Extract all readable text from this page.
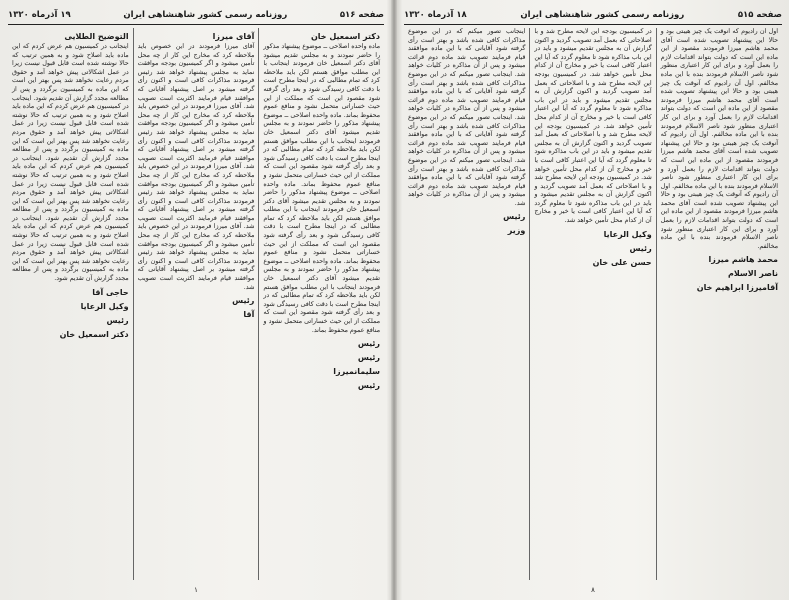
صفحه ۵۱۶
روزنامه رسمی کشور شاهنشاهی ایران
۱۹ آذرماه ۱۳۲۰
دکتر اسمعیل خان

ماده واحده اصلاحی ــ موضوع پیشنهاد مذکور را حاضر نمودند و به مجلس تقدیم میشود آقای دکتر اسمعیل خان فرمودند اینجانب با این مطلب موافق هستم لکن باید ملاحظه کرد که تمام مطالبی که در اینجا مطرح است با دقت کافی رسیدگی شود و بعد رأی گرفته شود مقصود این است که مملکت از این حیث خساراتی متحمل نشود و منافع عموم محفوظ بماند. ماده واحده اصلاحی ــ موضوع پیشنهاد مذکور را حاضر نمودند و به مجلس تقدیم میشود آقای دکتر اسمعیل خان فرمودند اینجانب با این مطلب موافق هستم لکن باید ملاحظه کرد که تمام مطالبی که در اینجا مطرح است با دقت کافی رسیدگی شود و بعد رأی گرفته شود مقصود این است که مملکت از این حیث خساراتی متحمل نشود و منافع عموم محفوظ بماند. ماده واحده اصلاحی ــ موضوع پیشنهاد مذکور را حاضر نمودند و به مجلس تقدیم میشود آقای دکتر اسمعیل خان فرمودند اینجانب با این مطلب موافق هستم لکن باید ملاحظه کرد که تمام مطالبی که در اینجا مطرح است با دقت کافی رسیدگی شود و بعد رأی گرفته شود مقصود این است که مملکت از این حیث خساراتی متحمل نشود و منافع عموم محفوظ بماند. ماده واحده اصلاحی ــ موضوع پیشنهاد مذکور را حاضر نمودند و به مجلس تقدیم میشود آقای دکتر اسمعیل خان فرمودند اینجانب با این مطلب موافق هستم لکن باید ملاحظه کرد که تمام مطالبی که در اینجا مطرح است با دقت کافی رسیدگی شود و بعد رأی گرفته شود مقصود این است که مملکت از این حیث خساراتی متحمل نشود و منافع عموم محفوظ بماند.

رئیس
رئیس
سلیمانمیرزا
رئیس
آقای میرزا

آقای میرزا فرمودند در این خصوص باید ملاحظه کرد که مخارج این کار از چه محل تأمین میشود و اگر کمیسیون بودجه موافقت نماید به مجلس پیشنهاد خواهد شد رئیس فرمودند مذاکرات کافی است و اکنون رأی گرفته میشود بر اصل پیشنهاد آقایانی که موافقند قیام فرمایند اکثریت است تصویب شد. آقای میرزا فرمودند در این خصوص باید ملاحظه کرد که مخارج این کار از چه محل تأمین میشود و اگر کمیسیون بودجه موافقت نماید به مجلس پیشنهاد خواهد شد رئیس فرمودند مذاکرات کافی است و اکنون رأی گرفته میشود بر اصل پیشنهاد آقایانی که موافقند قیام فرمایند اکثریت است تصویب شد. آقای میرزا فرمودند در این خصوص باید ملاحظه کرد که مخارج این کار از چه محل تأمین میشود و اگر کمیسیون بودجه موافقت نماید به مجلس پیشنهاد خواهد شد رئیس فرمودند مذاکرات کافی است و اکنون رأی گرفته میشود بر اصل پیشنهاد آقایانی که موافقند قیام فرمایند اکثریت است تصویب شد. آقای میرزا فرمودند در این خصوص باید ملاحظه کرد که مخارج این کار از چه محل تأمین میشود و اگر کمیسیون بودجه موافقت نماید به مجلس پیشنهاد خواهد شد رئیس فرمودند مذاکرات کافی است و اکنون رأی گرفته میشود بر اصل پیشنهاد آقایانی که موافقند قیام فرمایند اکثریت است تصویب شد.

رئیس
آقا
التوضیح الطلایی

اینجانب در کمیسیون هم عرض کردم که این ماده باید اصلاح شود و به همین ترتیب که حالا نوشته شده است قابل قبول نیست زیرا در عمل اشکالاتی پیش خواهد آمد و حقوق مردم رعایت نخواهد شد پس بهتر این است که این ماده به کمیسیون برگردد و پس از مطالعه مجدد گزارش آن تقدیم شود. اینجانب در کمیسیون هم عرض کردم که این ماده باید اصلاح شود و به همین ترتیب که حالا نوشته شده است قابل قبول نیست زیرا در عمل اشکالاتی پیش خواهد آمد و حقوق مردم رعایت نخواهد شد پس بهتر این است که این ماده به کمیسیون برگردد و پس از مطالعه مجدد گزارش آن تقدیم شود. اینجانب در کمیسیون هم عرض کردم که این ماده باید اصلاح شود و به همین ترتیب که حالا نوشته شده است قابل قبول نیست زیرا در عمل اشکالاتی پیش خواهد آمد و حقوق مردم رعایت نخواهد شد پس بهتر این است که این ماده به کمیسیون برگردد و پس از مطالعه مجدد گزارش آن تقدیم شود. اینجانب در کمیسیون هم عرض کردم که این ماده باید اصلاح شود و به همین ترتیب که حالا نوشته شده است قابل قبول نیست زیرا در عمل اشکالاتی پیش خواهد آمد و حقوق مردم رعایت نخواهد شد پس بهتر این است که این ماده به کمیسیون برگردد و پس از مطالعه مجدد گزارش آن تقدیم شود.

حاجی آقا
وکیل الرعایا
رئیس
دکتر اسمعیل خان
۱
صفحه ۵۱۵
روزنامه رسمی کشور شاهنشاهی ایران
۱۸ آذرماه ۱۳۲۰

اول آن رادیوم که آنوقت یک چیز هیبتی بود و حالا این پیشنهاد تصویب شده است آقای محمد هاشم میرزا فرمودند مقصود از این ماده این است که دولت بتواند اقدامات لازم را بعمل آورد و برای این کار اعتباری منظور شود ناصر الاسلام فرمودند بنده با این ماده مخالفم. اول آن رادیوم که آنوقت یک چیز هیبتی بود و حالا این پیشنهاد تصویب شده است آقای محمد هاشم میرزا فرمودند مقصود از این ماده این است که دولت بتواند اقدامات لازم را بعمل آورد و برای این کار اعتباری منظور شود ناصر الاسلام فرمودند بنده با این ماده مخالفم. اول آن رادیوم که آنوقت یک چیز هیبتی بود و حالا این پیشنهاد تصویب شده است آقای محمد هاشم میرزا فرمودند مقصود از این ماده این است که دولت بتواند اقدامات لازم را بعمل آورد و برای این کار اعتباری منظور شود ناصر الاسلام فرمودند بنده با این ماده مخالفم. اول آن رادیوم که آنوقت یک چیز هیبتی بود و حالا این پیشنهاد تصویب شده است آقای محمد هاشم میرزا فرمودند مقصود از این ماده این است که دولت بتواند اقدامات لازم را بعمل آورد و برای این کار اعتباری منظور شود ناصر الاسلام فرمودند بنده با این ماده مخالفم.

محمد هاشم میرزا
ناصر الاسلام
آقامیرزا ابراهیم خان

در کمیسیون بودجه این لایحه مطرح شد و با اصلاحاتی که بعمل آمد تصویب گردید و اکنون گزارش آن به مجلس تقدیم میشود و باید در این باب مذاکره شود تا معلوم گردد که آیا این اعتبار کافی است یا خیر و مخارج آن از کدام محل تأمین خواهد شد. در کمیسیون بودجه این لایحه مطرح شد و با اصلاحاتی که بعمل آمد تصویب گردید و اکنون گزارش آن به مجلس تقدیم میشود و باید در این باب مذاکره شود تا معلوم گردد که آیا این اعتبار کافی است یا خیر و مخارج آن از کدام محل تأمین خواهد شد. در کمیسیون بودجه این لایحه مطرح شد و با اصلاحاتی که بعمل آمد تصویب گردید و اکنون گزارش آن به مجلس تقدیم میشود و باید در این باب مذاکره شود تا معلوم گردد که آیا این اعتبار کافی است یا خیر و مخارج آن از کدام محل تأمین خواهد شد. در کمیسیون بودجه این لایحه مطرح شد و با اصلاحاتی که بعمل آمد تصویب گردید و اکنون گزارش آن به مجلس تقدیم میشود و باید در این باب مذاکره شود تا معلوم گردد که آیا این اعتبار کافی است یا خیر و مخارج آن از کدام محل تأمین خواهد شد.

وکیل الرعایا
رئیس
حسن علی خان

اینجانب تصور میکنم که در این موضوع مذاکرات کافی شده باشد و بهتر است رأی گرفته شود آقایانی که با این ماده موافقند قیام فرمایند تصویب شد ماده دوم قرائت میشود و پس از آن مذاکره در کلیات خواهد شد. اینجانب تصور میکنم که در این موضوع مذاکرات کافی شده باشد و بهتر است رأی گرفته شود آقایانی که با این ماده موافقند قیام فرمایند تصویب شد ماده دوم قرائت میشود و پس از آن مذاکره در کلیات خواهد شد. اینجانب تصور میکنم که در این موضوع مذاکرات کافی شده باشد و بهتر است رأی گرفته شود آقایانی که با این ماده موافقند قیام فرمایند تصویب شد ماده دوم قرائت میشود و پس از آن مذاکره در کلیات خواهد شد. اینجانب تصور میکنم که در این موضوع مذاکرات کافی شده باشد و بهتر است رأی گرفته شود آقایانی که با این ماده موافقند قیام فرمایند تصویب شد ماده دوم قرائت میشود و پس از آن مذاکره در کلیات خواهد شد.

رئیس
وزیر
۸
